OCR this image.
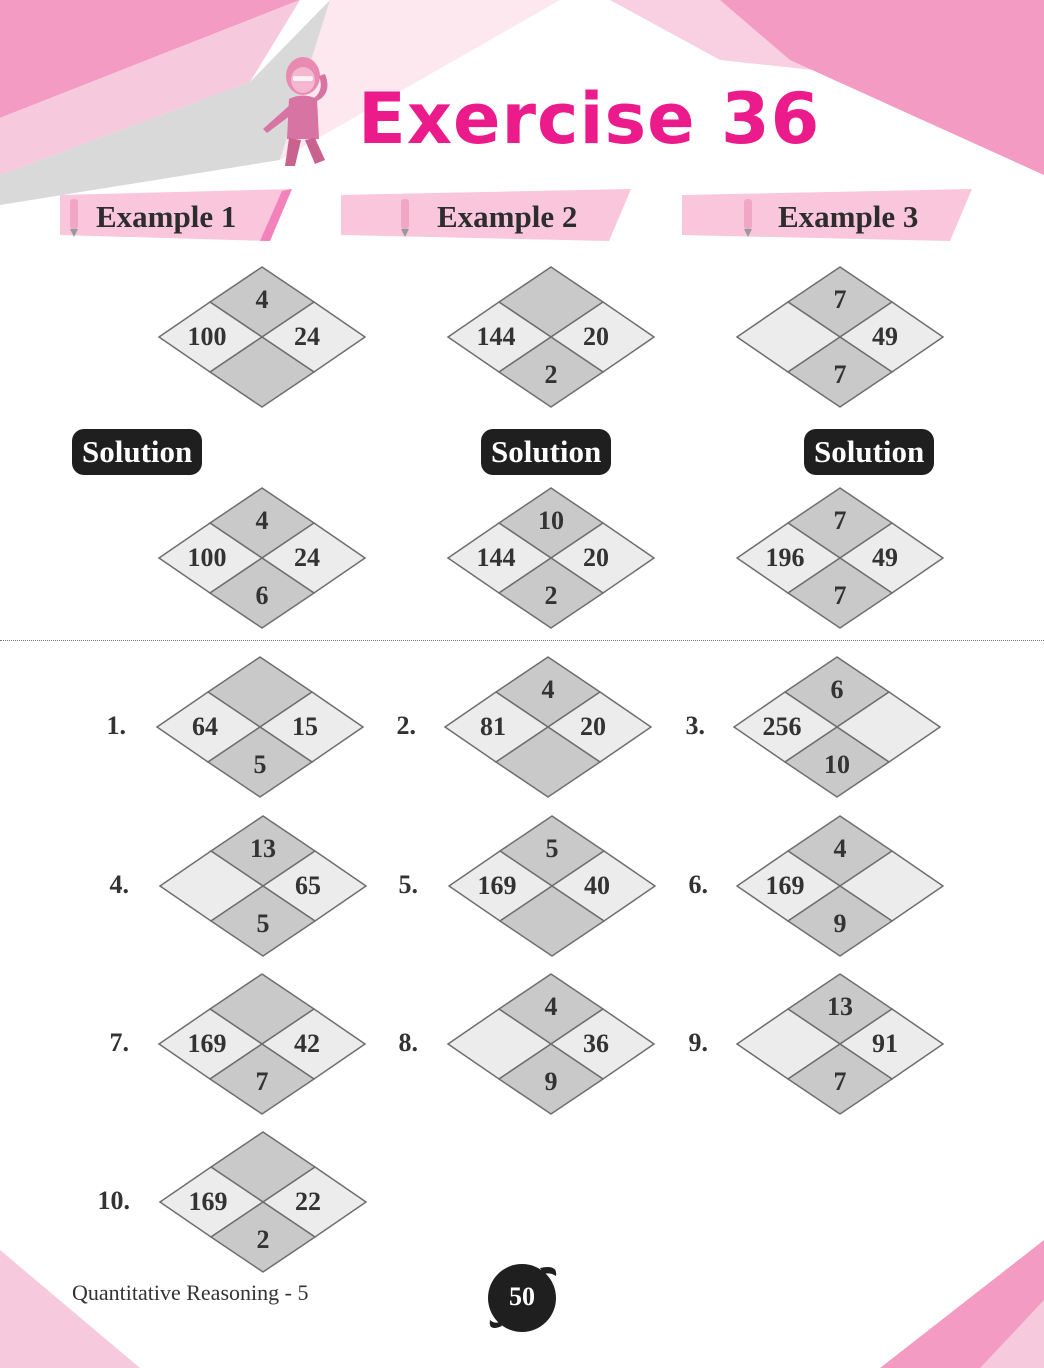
Exercise 36
Example 1	Example 2	Example 3
4
100	24	144	20
2
7
49
7
Solution	Solution	Solution
4
100	24
6
10
144	20
2
7
196	49
7
1.	2.	3.
4.	5.	6.
7.	8.	9.
10.
64	15
5
4
81	20
6
256
10
13
65
5
5
169	40
4
169
9
169	42
7
4
36
9
13
91
7
169	22
2
Quantitative Reasoning - 5	50
